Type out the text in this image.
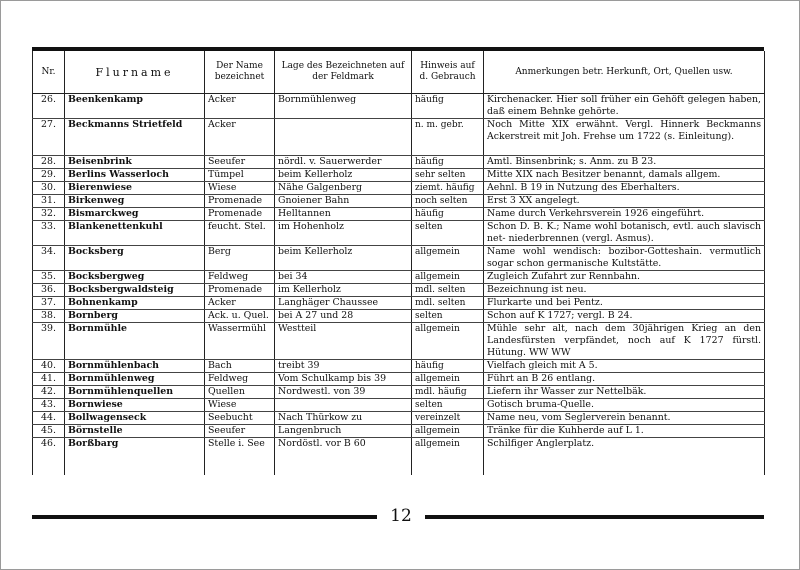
Nr.	Flurname	Der Name bezeichnet	Lage des Bezeichneten auf der Feldmark	Hinweis auf d. Gebrauch	Anmerkungen betr. Herkunft, Ort, Quellen usw.
26.	Beenkenkamp	Acker	Bornmühlenweg	häufig	Kirchenacker. Hier soll früher ein Gehöft gelegen haben, daß einem Behnke gehörte.
27.	Beckmanns Strietfeld	Acker		n. m. gebr.	Noch Mitte XIX erwähnt. Vergl. Hinnerk Beckmanns Ackerstreit mit Joh. Frehse um 1722 (s. Einleitung).
28.	Beisenbrink	Seeufer	nördl. v. Sauerwerder	häufig	Amtl. Binsenbrink; s. Anm. zu B 23.
29.	Berlins Wasserloch	Tümpel	beim Kellerholz	sehr selten	Mitte XIX nach Besitzer benannt, damals allgem.
30.	Bierenwiese	Wiese	Nähe Galgenberg	ziemt. häufig	Aehnl. B 19 in Nutzung des Eberhalters.
31.	Birkenweg	Promenade	Gnoiener Bahn	noch selten	Erst 3 XX angelegt.
32.	Bismarckweg	Promenade	Helltannen	häufig	Name durch Verkehrsverein 1926 eingeführt.
33.	Blankenettenkuhl	feucht. Stel.	im Hohenholz	selten	Schon D. B. K.; Name wohl botanisch, evtl. auch slavisch net- niederbrennen (vergl. Asmus).
34.	Bocksberg	Berg	beim Kellerholz	allgemein	Name wohl wendisch: bozibor-Gotteshain. vermutlich sogar schon germanische Kultstätte.
35.	Bocksbergweg	Feldweg	bei 34	allgemein	Zugleich Zufahrt zur Rennbahn.
36.	Bocksbergwaldsteig	Promenade	im Kellerholz	mdl. selten	Bezeichnung ist neu.
37.	Bohnenkamp	Acker	Langhäger Chaussee	mdl. selten	Flurkarte und bei Pentz.
38.	Bornberg	Ack. u. Quel.	bei A 27 und 28	selten	Schon auf K 1727; vergl. B 24.
39.	Bornmühle	Wassermühl	Westteil	allgemein	Mühle sehr alt, nach dem 30jährigen Krieg an den Landesfürsten verpfändet, noch auf K 1727 fürstl. Hütung. WW WW
40.	Bornmühlenbach	Bach	treibt 39	häufig	Vielfach gleich mit A 5.
41.	Bornmühlenweg	Feldweg	Vom Schulkamp bis 39	allgemein	Führt an B 26 entlang.
42.	Bornmühlenquellen	Quellen	Nordwestl. von 39	mdl. häufig	Liefern ihr Wasser zur Nettelbäk.
43.	Bornwiese	Wiese		selten	Gotisch bruma-Quelle.
44.	Bollwagenseck	Seebucht	Nach Thürkow zu	vereinzelt	Name neu, vom Seglerverein benannt.
45.	Börnstelle	Seeufer	Langenbruch	allgemein	Tränke für die Kuhherde auf L 1.
46.	Borßbarg	Stelle i. See	Nordöstl. vor B 60	allgemein	Schilfiger Anglerplatz.
12
